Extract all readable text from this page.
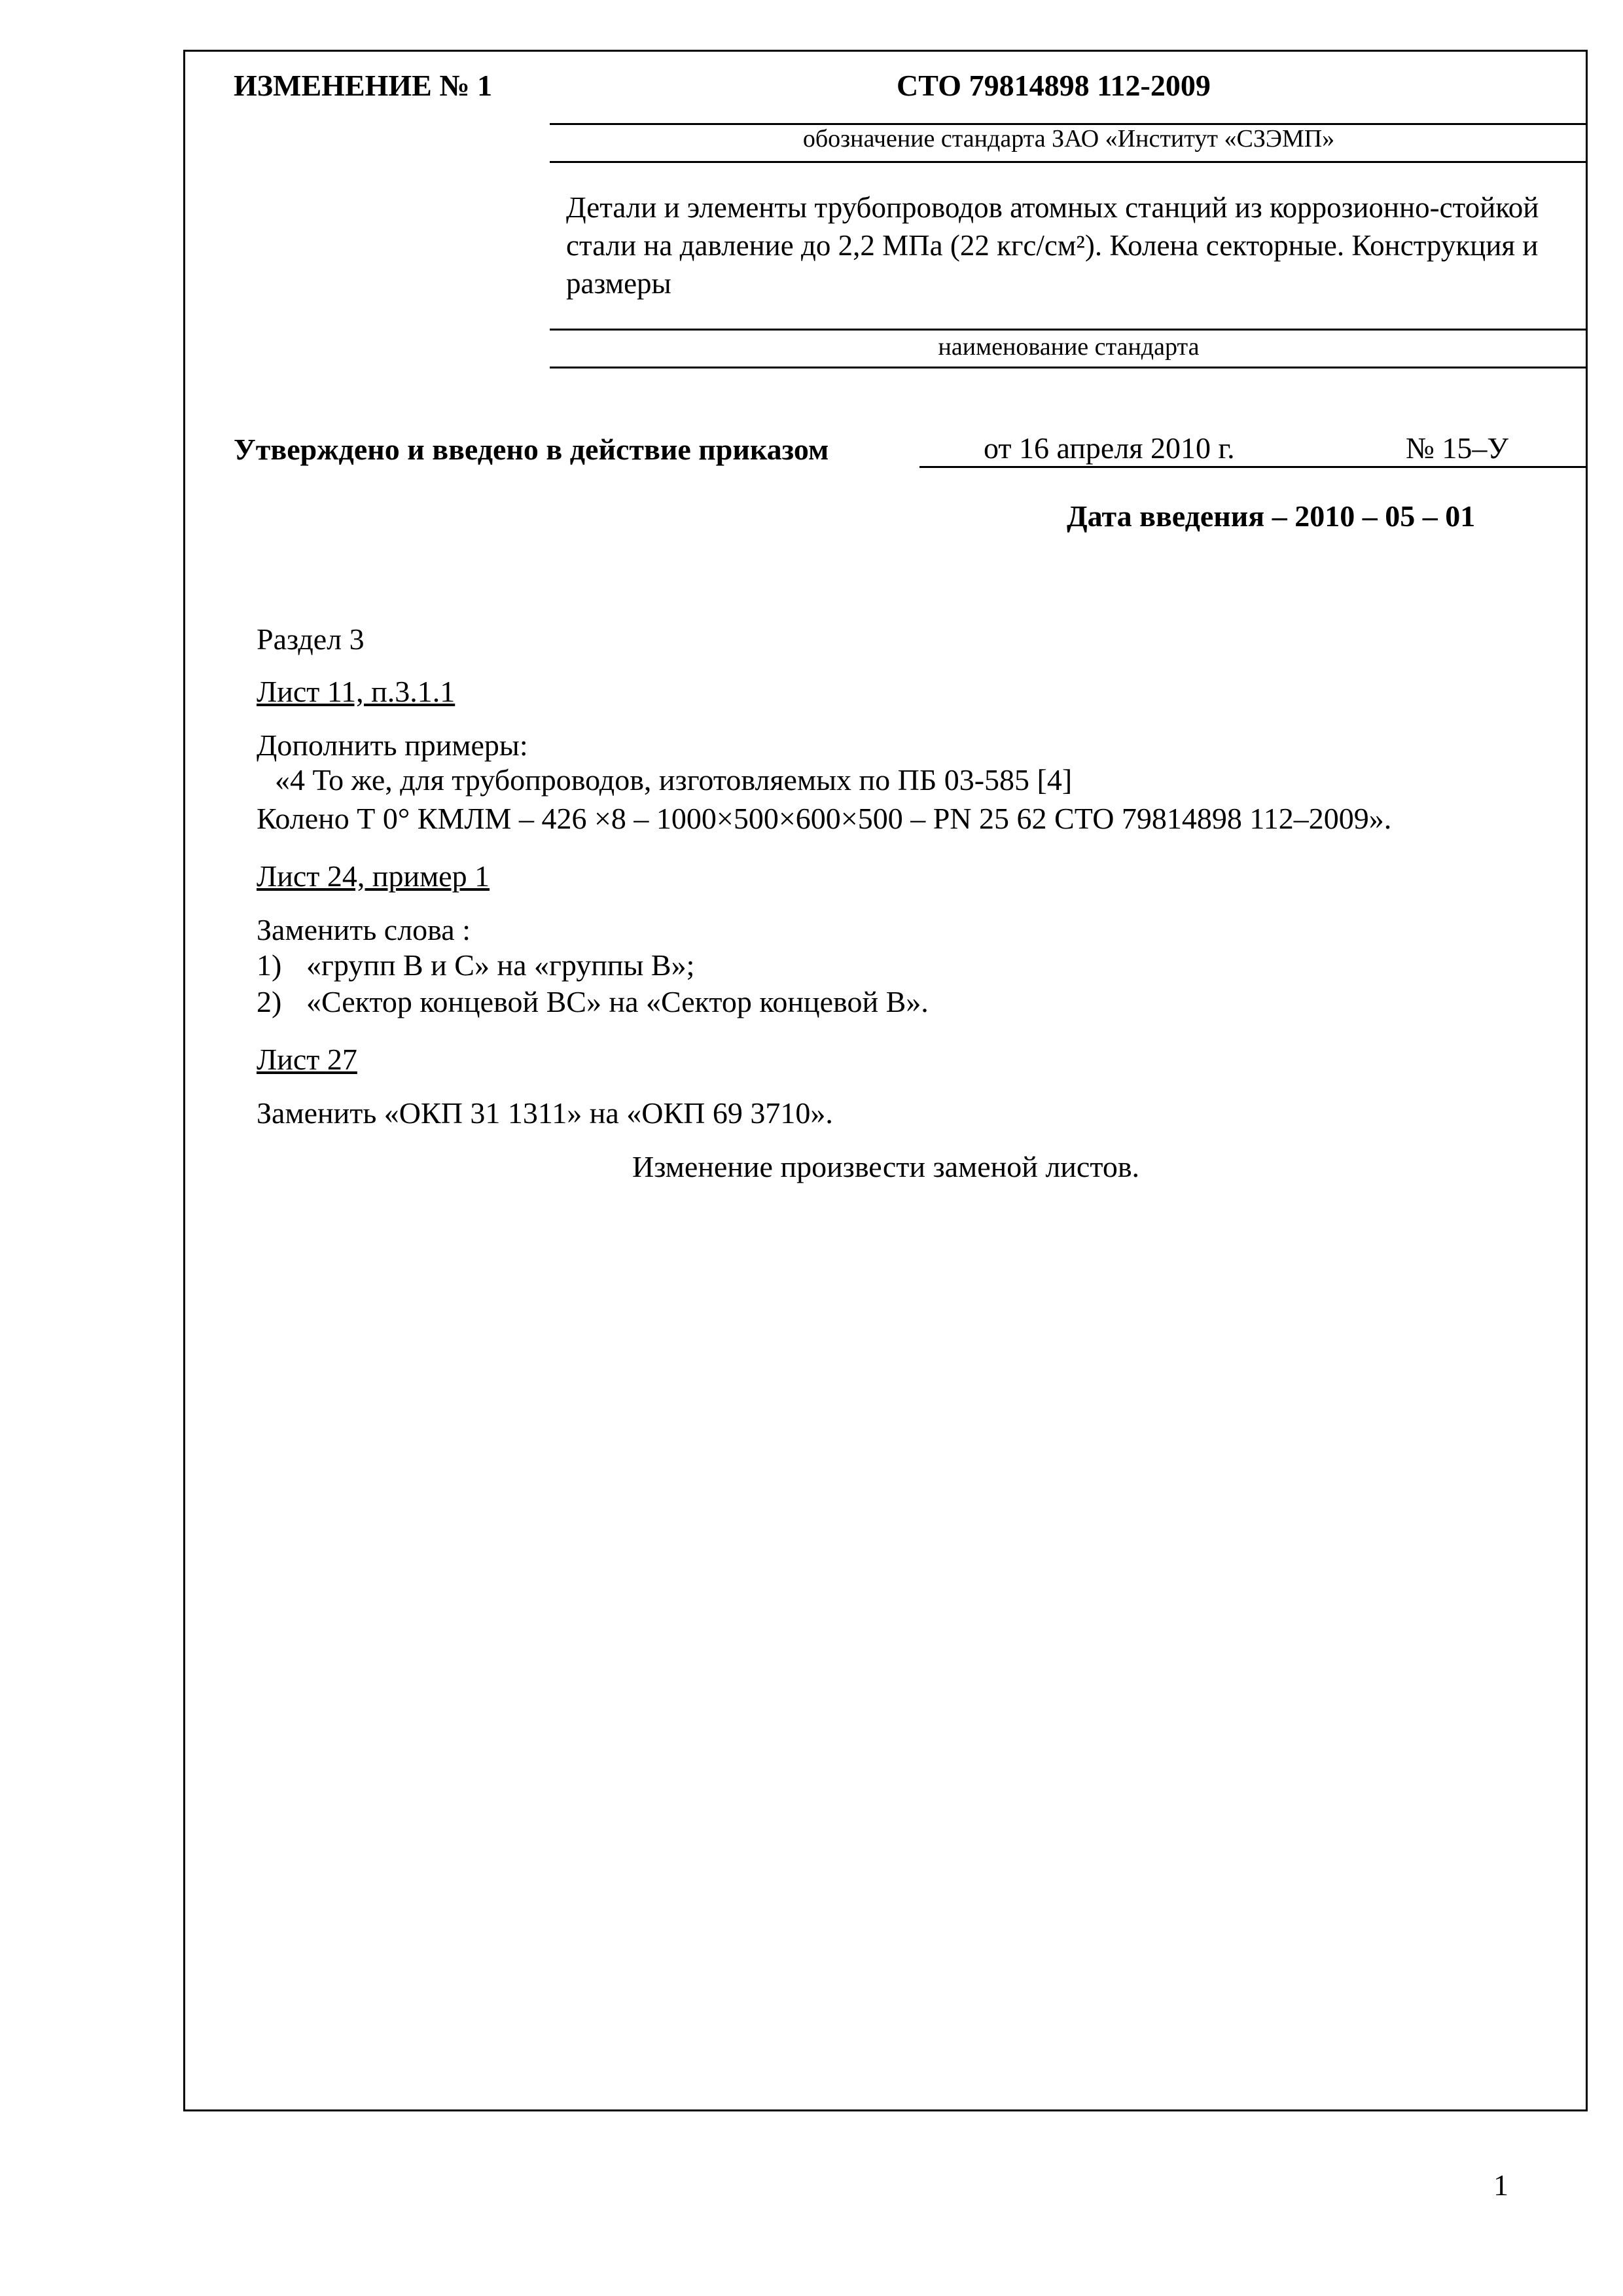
ИЗМЕНЕНИЕ № 1	СТО 79814898 112-2009
обозначение стандарта ЗАО «Институт «СЗЭМП»
Детали и элементы трубопроводов атомных станций из коррозионно-стойкой стали на давление до 2,2 МПа (22 кгс/см²). Колена секторные. Конструкция и размеры
наименование стандарта
Утверждено и введено в действие приказом	от 16 апреля 2010 г.	№ 15–У
Дата введения – 2010 – 05 – 01
Раздел 3
Лист 11, п.3.1.1
Дополнить примеры:
«4 То же, для трубопроводов, изготовляемых по ПБ 03-585 [4]
Колено Т 0° КМЛМ – 426 ×8 – 1000×500×600×500 – PN 25 62 СТО 79814898 112–2009».
Лист 24, пример 1
Заменить слова :
1) «групп В и С» на «группы В»;
2) «Сектор концевой ВС» на «Сектор концевой В».
Лист 27
Заменить «ОКП 31 1311» на «ОКП 69 3710».
Изменение произвести заменой листов.
1
